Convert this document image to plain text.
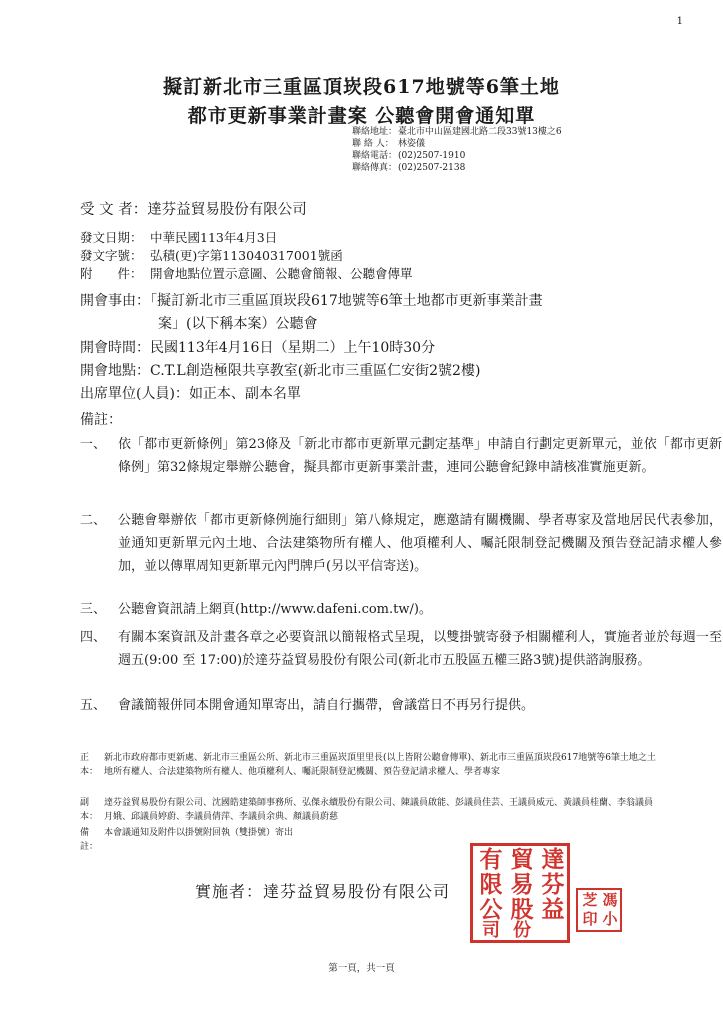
1
擬訂新北市三重區頂崁段617地號等6筆土地
都市更新事業計畫案 公聽會開會通知單
聯絡地址：臺北市中山區建國北路二段33號13樓之6
聯 絡 人： 林姿儀
聯絡電話：(02)2507-1910
聯絡傳真：(02)2507-2138
受 文 者：達芬益貿易股份有限公司
發文日期： 中華民國113年4月3日
發文字號： 弘積(更)字第113040317001號函
附　　件： 開會地點位置示意圖、公聽會簡報、公聽會傳單
開會事由：「擬訂新北市三重區頂崁段617地號等6筆土地都市更新事業計畫
案」(以下稱本案）公聽會
開會時間：民國113年4月16日（星期二）上午10時30分
開會地點：C.T.L創造極限共享教室(新北市三重區仁安街2號2樓)
出席單位(人員)：如正本、副本名單
備註：
一、 依「都市更新條例」第23條及「新北市都市更新單元劃定基準」申請自行劃定更新單元，並依「都市更新條例」第32條規定舉辦公聽會，擬具都市更新事業計畫，連同公聽會紀錄申請核准實施更新。
二、 公聽會舉辦依「都市更新條例施行細則」第八條規定，應邀請有關機關、學者專家及當地居民代表參加，並通知更新單元內土地、合法建築物所有權人、他項權利人、囑託限制登記機關及預告登記請求權人參加，並以傳單周知更新單元內門牌戶(另以平信寄送)。
三、 公聽會資訊請上網頁(http://www.dafeni.com.tw/)。
四、 有關本案資訊及計畫各章之必要資訊以簡報格式呈現，以雙掛號寄發予相關權利人，實施者並於每週一至週五(9:00 至 17:00)於達芬益貿易股份有限公司(新北市五股區五權三路3號)提供諮詢服務。
五、 會議簡報併同本開會通知單寄出，請自行攜帶，會議當日不再另行提供。
正本：
新北市政府都市更新處、新北市三重區公所、新北市三重區崁頂里里長(以上皆附公聽會傳單)、新北市三重區頂崁段617地號等6筆土地之土地所有權人、合法建築物所有權人、他項權利人、囑託限制登記機關、預告登記請求權人、學者專家
副本：
達芬益貿易股份有限公司、沈國皓建築師事務所、弘傑永續股份有限公司、陳議員啟能、彭議員佳芸、王議員威元、黃議員桂蘭、李翁議員月娥、邱議員婷蔚、李議員倩萍、李議員余典、顏議員蔚慈
備註：
本會議通知及附件以掛號附回執（雙掛號）寄出
實施者：達芬益貿易股份有限公司
達
芬
益
貿
易
股
份
有
限
公
司
馮
小
芝
印
第一頁，共一頁
